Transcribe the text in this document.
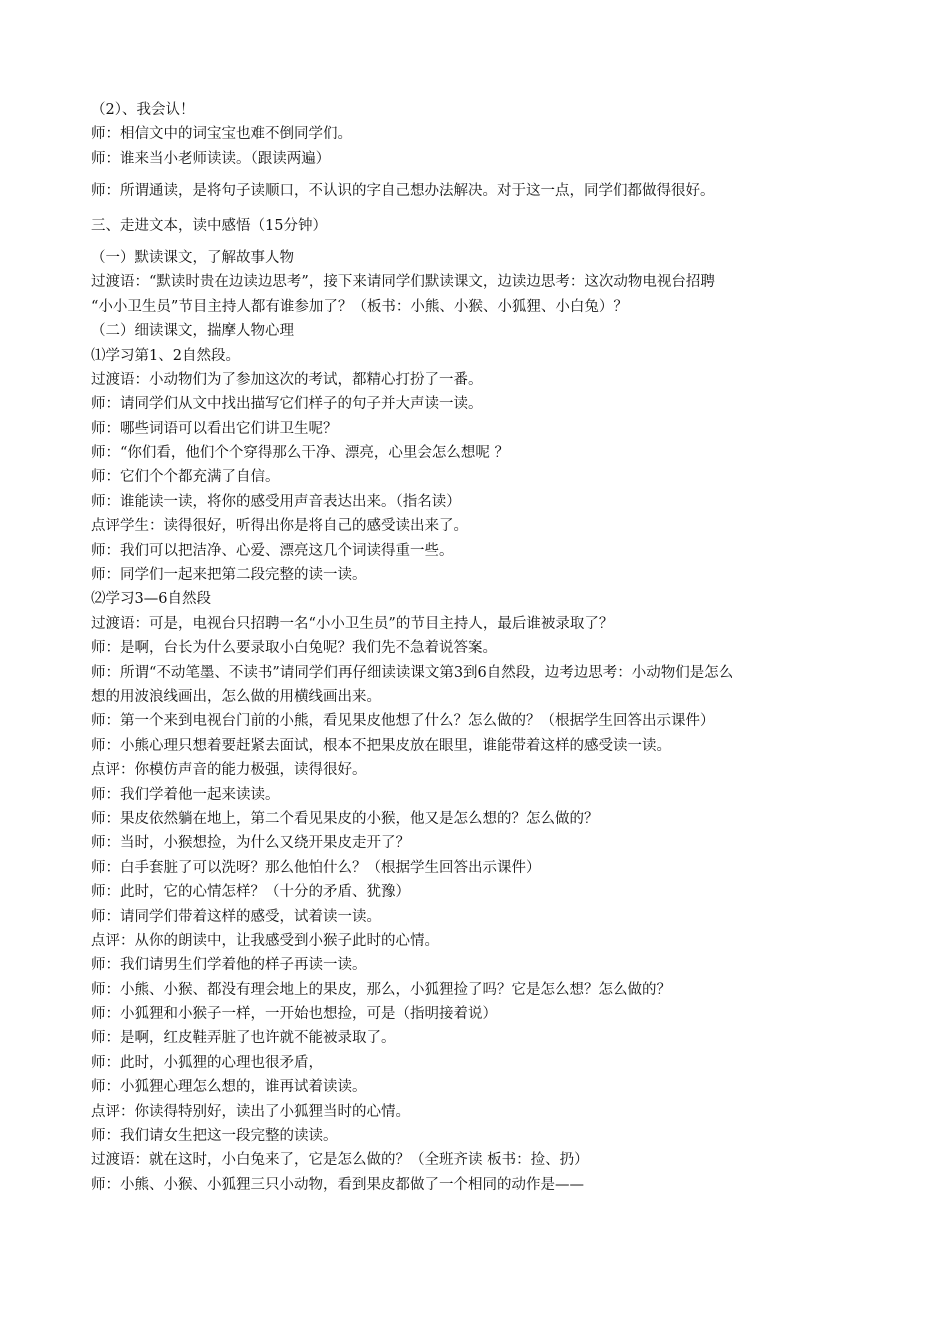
（2）、我会认！
师：相信文中的词宝宝也难不倒同学们。
师：谁来当小老师读读。（跟读两遍）
师：所谓通读，是将句子读顺口，不认识的字自己想办法解决。对于这一点，同学们都做得很好。
三、走进文本，读中感悟（15分钟）
（一）默读课文，了解故事人物
过渡语：“默读时贵在边读边思考”，接下来请同学们默读课文，边读边思考：这次动物电视台招聘
“小小卫生员”节目主持人都有谁参加了？（板书：小熊、小猴、小狐狸、小白兔）？
（二）细读课文，揣摩人物心理
⑴学习第1、2自然段。
过渡语：小动物们为了参加这次的考试，都精心打扮了一番。
师：请同学们从文中找出描写它们样子的句子并大声读一读。
师：哪些词语可以看出它们讲卫生呢？
师：“你们看，他们个个穿得那么干净、漂亮，心里会怎么想呢 ？
师：它们个个都充满了自信。
师：谁能读一读，将你的感受用声音表达出来。（指名读）
点评学生：读得很好，听得出你是将自己的感受读出来了。
师：我们可以把洁净、心爱、漂亮这几个词读得重一些。
师：同学们一起来把第二段完整的读一读。
⑵学习3—6自然段
过渡语：可是，电视台只招聘一名“小小卫生员”的节目主持人，最后谁被录取了？
师：是啊，台长为什么要录取小白兔呢？我们先不急着说答案。
师：所谓“不动笔墨、不读书”请同学们再仔细读读课文第3到6自然段，边考边思考：小动物们是怎么
想的用波浪线画出，怎么做的用横线画出来。
师：第一个来到电视台门前的小熊，看见果皮他想了什么？怎么做的？（根据学生回答出示课件）
师：小熊心理只想着要赶紧去面试，根本不把果皮放在眼里，谁能带着这样的感受读一读。
点评：你模仿声音的能力极强，读得很好。
师：我们学着他一起来读读。
师：果皮依然躺在地上，第二个看见果皮的小猴，他又是怎么想的？怎么做的？
师：当时，小猴想捡，为什么又绕开果皮走开了？
师：白手套脏了可以洗呀？那么他怕什么？（根据学生回答出示课件）
师：此时，它的心情怎样？（十分的矛盾、犹豫）
师：请同学们带着这样的感受，试着读一读。
点评：从你的朗读中，让我感受到小猴子此时的心情。
师：我们请男生们学着他的样子再读一读。
师：小熊、小猴、都没有理会地上的果皮，那么，小狐狸捡了吗？它是怎么想？怎么做的？
师：小狐狸和小猴子一样，一开始也想捡，可是（指明接着说）
师：是啊，红皮鞋弄脏了也许就不能被录取了。
师：此时，小狐狸的心理也很矛盾，
师：小狐狸心理怎么想的，谁再试着读读。
点评：你读得特别好，读出了小狐狸当时的心情。
师：我们请女生把这一段完整的读读。
过渡语：就在这时，小白兔来了，它是怎么做的？（全班齐读 板书：捡、扔）
师：小熊、小猴、小狐狸三只小动物，看到果皮都做了一个相同的动作是——
